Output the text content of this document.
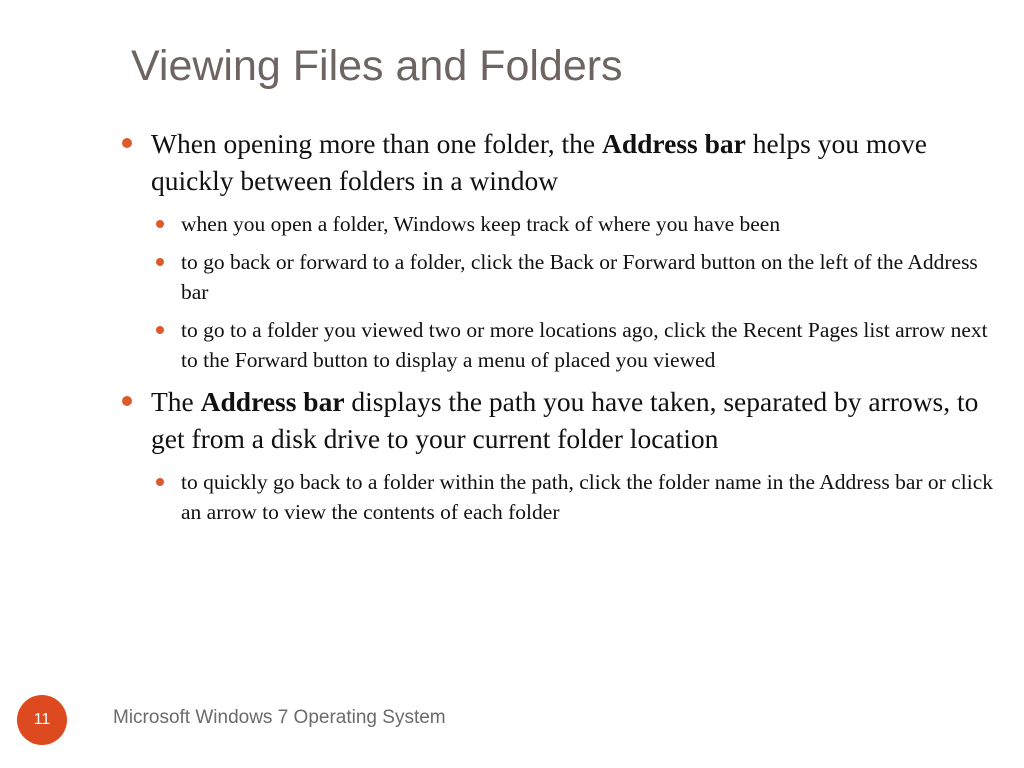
Viewing Files and Folders
When opening more than one folder, the Address bar helps you move quickly between folders in a window
when you open a folder, Windows keep track of where you have been
to go back or forward to a folder, click the Back or Forward button on the left of the Address bar
to go to a folder you viewed two or more locations ago, click the Recent Pages list arrow next to the Forward button to display a menu of placed you viewed
The Address bar displays the path you have taken, separated by arrows, to get from a disk drive to your current folder location
to quickly go back to a folder within the path, click the folder name in the Address bar or click an arrow to view the contents of each folder
11	Microsoft Windows 7 Operating System
